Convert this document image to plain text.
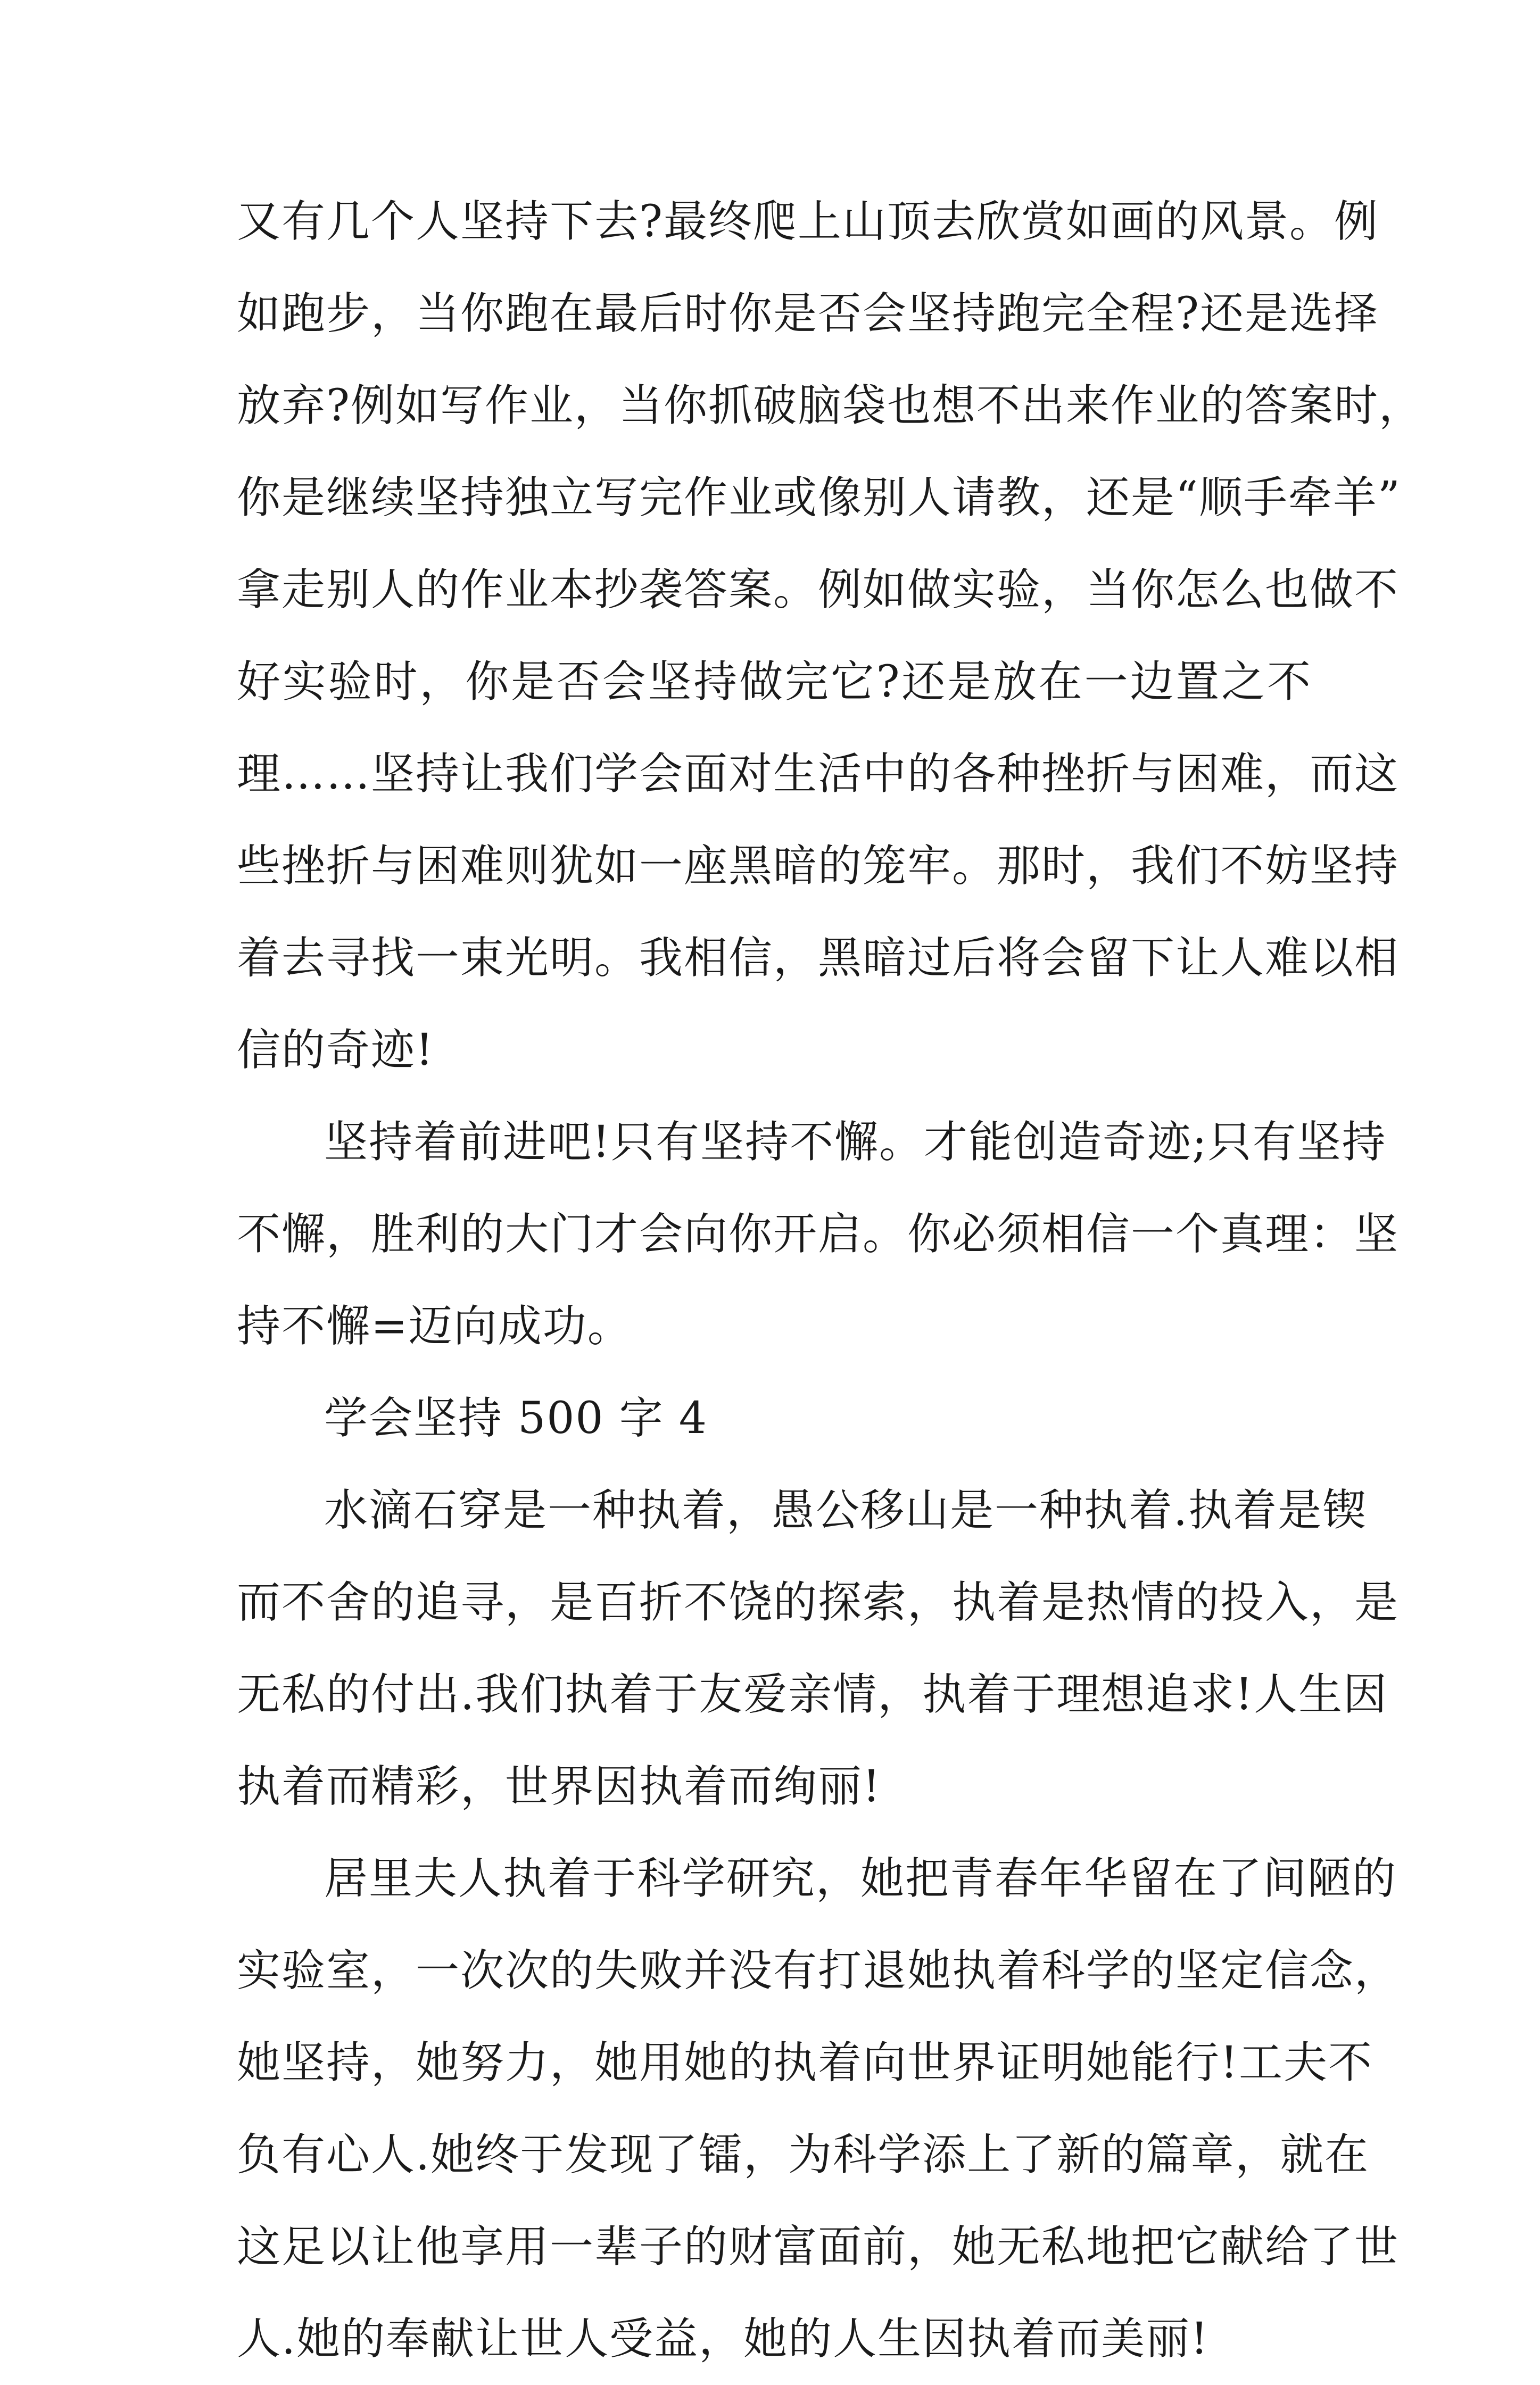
又有几个人坚持下去?最终爬上山顶去欣赏如画的风景。例
如跑步，当你跑在最后时你是否会坚持跑完全程?还是选择
放弃?例如写作业，当你抓破脑袋也想不出来作业的答案时，
你是继续坚持独立写完作业或像别人请教，还是“顺手牵羊”
拿走别人的作业本抄袭答案。例如做实验，当你怎么也做不
好实验时，你是否会坚持做完它?还是放在一边置之不
理……坚持让我们学会面对生活中的各种挫折与困难，而这
些挫折与困难则犹如一座黑暗的笼牢。那时，我们不妨坚持
着去寻找一束光明。我相信，黑暗过后将会留下让人难以相
信的奇迹!
坚持着前进吧!只有坚持不懈。才能创造奇迹;只有坚持
不懈，胜利的大门才会向你开启。你必须相信一个真理：坚
持不懈=迈向成功。
学会坚持 500 字 4
水滴石穿是一种执着，愚公移山是一种执着.执着是锲
而不舍的追寻，是百折不饶的探索，执着是热情的投入，是
无私的付出.我们执着于友爱亲情，执着于理想追求!人生因
执着而精彩，世界因执着而绚丽!
居里夫人执着于科学研究，她把青春年华留在了间陋的
实验室，一次次的失败并没有打退她执着科学的坚定信念，
她坚持，她努力，她用她的执着向世界证明她能行!工夫不
负有心人.她终于发现了镭，为科学添上了新的篇章，就在
这足以让他享用一辈子的财富面前，她无私地把它献给了世
人.她的奉献让世人受益，她的人生因执着而美丽!
